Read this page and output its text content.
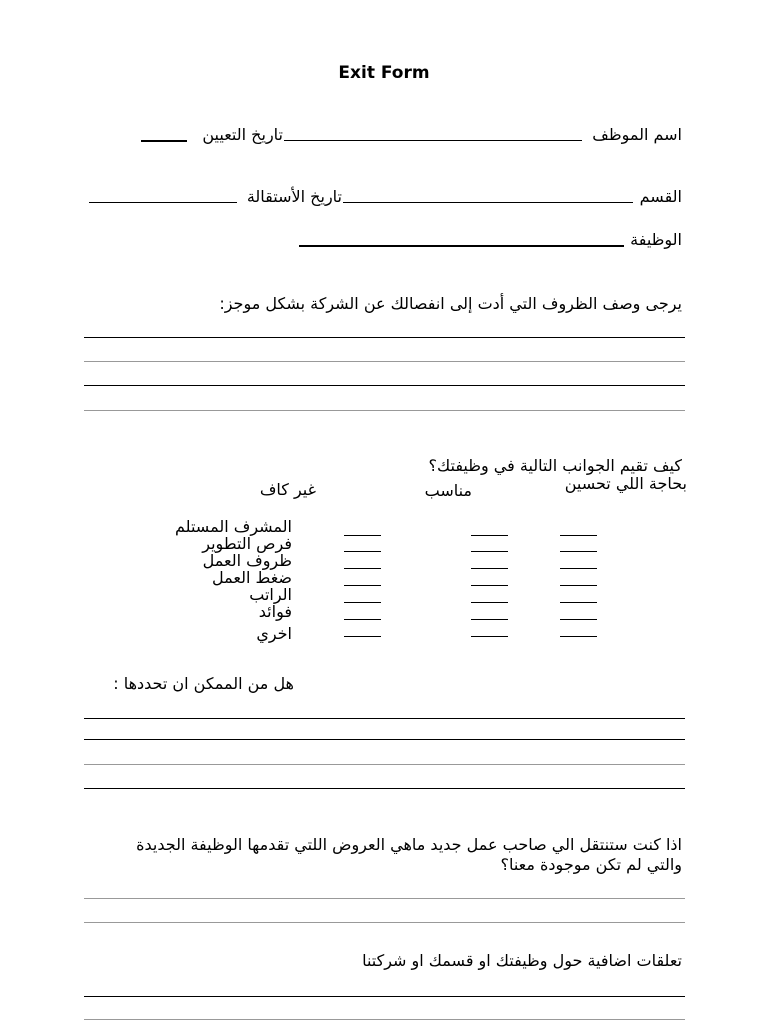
Exit Form
اسم الموظف
تاريخ التعيين
القسم
تاريخ الأستقالة
الوظيفة
يرجى وصف الظروف التي أدت إلى انفصالك عن الشركة بشكل موجز:
كيف تقيم الجوانب التالية في وظيفتك؟
بحاجة اللي تحسين
مناسب
غير كاف
المشرف المستلم
فرص التطوير
ظروف العمل
ضغط العمل
الراتب
فوائد
اخري
هل من الممكن ان تحددها :
اذا كنت ستنتقل الي صاحب عمل جديد ماهي العروض اللتي تقدمها الوظيفة الجديدة
والتي لم تكن موجودة معنا؟
تعلقات اضافية حول وظيفتك او قسمك او شركتنا
